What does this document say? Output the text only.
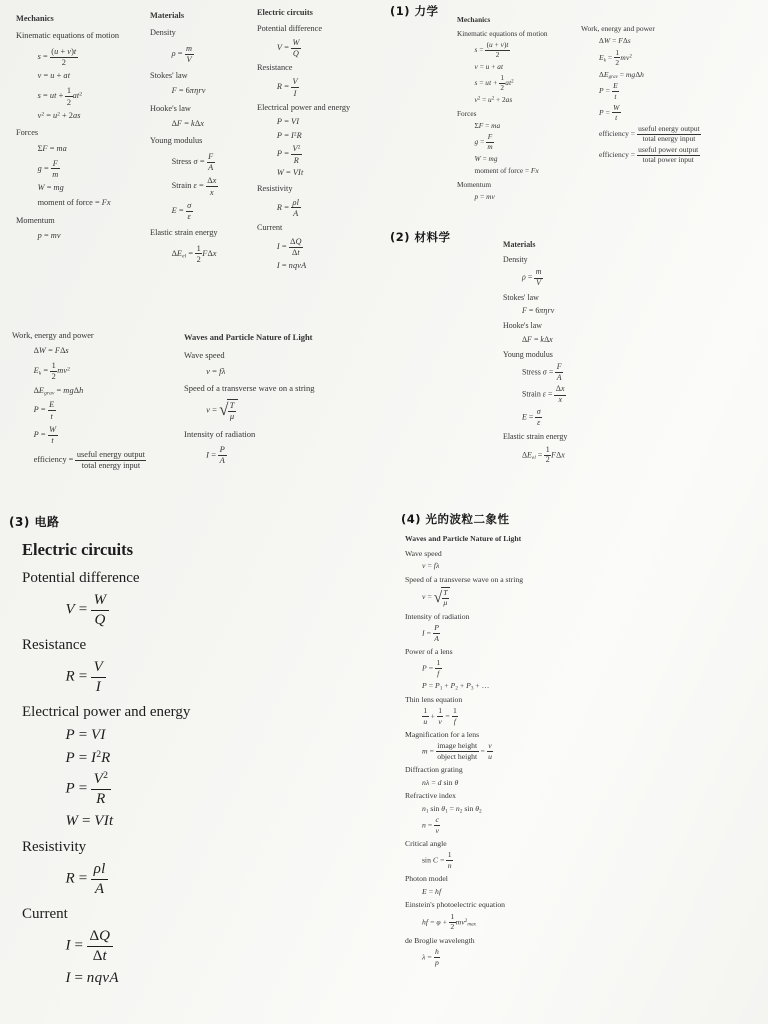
Mechanics
Kinematic equations of motion
$s = \frac{(u + v)t}{2}$
v = u + at
s = ut + $\frac{1}{2} at^2$
$v^2 = u^2 + 2as$
Forces
ΣF = ma
$g = \frac{F}{m}$
W = mg
moment of force = Fx
Momentum
p = mv
Materials
Density
$\rho = \frac{m}{V}$
Stokes' law
F = 6πηrv
Hooke's law
ΔF = kΔx
Young modulus
Stress $\sigma = \frac{F}{A}$
Strain $\varepsilon = \frac{\Delta x}{x}$
$E = \frac{\sigma}{\varepsilon}$
Elastic strain energy
$\Delta E_{el} = \frac{1}{2}$ FΔx
Electric circuits
Potential difference
$V = \frac{W}{Q}$
Resistance
$R = \frac{V}{I}$
Electrical power and energy
P = VI
$P = I^2R$
$P = \frac{V^2}{R}$
W = VIt
Resistivity
$R = \frac{\rho l}{A}$
Current
$I = \frac{\Delta Q}{\Delta t}$
I = nqvA
Work, energy and power
ΔW = FΔs
$E_k = \frac{1}{2} mv^2$
$\Delta E_{grav} = mg\Delta h$
$P = \frac{E}{t}$
$P = \frac{W}{t}$
efficiency = $\frac{\text{useful energy output}}{\text{total energy input}}$
Waves and Particle Nature of Light
Wave speed
v = fλ
Speed of a transverse wave on a string
v = √ $\frac{T}{\mu}$
Intensity of radiation
$I = \frac{P}{A}$
(1) 力学
Mechanics
Kinematic equations of motion
$s = \frac{(u + v)t}{2}$
v = u + at
s = ut + $\frac{1}{2} at^2$
$v^2 = u^2 + 2as$
Forces
ΣF = ma
$g = \frac{F}{m}$
W = mg
moment of force = Fx
Momentum
p = mv
Work, energy and power
ΔW = FΔs
$E_k = \frac{1}{2} mv^2$
$\Delta E_{grav} = mg\Delta h$
$P = \frac{E}{t}$
$P = \frac{W}{t}$
efficiency = $\frac{\text{useful energy output}}{\text{total energy input}}$
efficiency = $\frac{\text{useful power output}}{\text{total power input}}$
(2) 材料学
Materials
Density
$\rho = \frac{m}{V}$
Stokes' law
F = 6πηrv
Hooke's law
ΔF = kΔx
Young modulus
Stress $\sigma = \frac{F}{A}$
Strain $\varepsilon = \frac{\Delta x}{x}$
$E = \frac{\sigma}{\varepsilon}$
Elastic strain energy
$\Delta E_{el} = \frac{1}{2}$ FΔx
(3) 电路
Electric circuits
Potential difference
$V = \frac{W}{Q}$
Resistance
$R = \frac{V}{I}$
Electrical power and energy
P = VI
$P = I^2R$
$P = \frac{V^2}{R}$
W = VIt
Resistivity
$R = \frac{\rho l}{A}$
Current
$I = \frac{\Delta Q}{\Delta t}$
I = nqvA
(4) 光的波粒二象性
Waves and Particle Nature of Light
Wave speed
v = fλ
Speed of a transverse wave on a string
v = √ $\frac{T}{\mu}$
Intensity of radiation
$I = \frac{P}{A}$
Power of a lens
$P = \frac{1}{f}$
$P = P_1 + P_2 + P_3$ + …
Thin lens equation
$\frac{1}{u} + \frac{1}{v} = \frac{1}{f}$
Magnification for a lens
$m = \frac{\text{image height}}{\text{object height}} = \frac{v}{u}$
Diffraction grating
nλ = d sin θ
Refractive index
$n_1$ $\sin \theta_1 = n_2$ $\sin \theta_2$
$n = \frac{c}{v}$
Critical angle
$\sin C = \frac{1}{n}$
Photon model
E = hf
Einstein's photoelectric equation
hf = $\varphi + \frac{1}{2} mv^2_{max}$
de Broglie wavelength
$\lambda = \frac{h}{p}$
